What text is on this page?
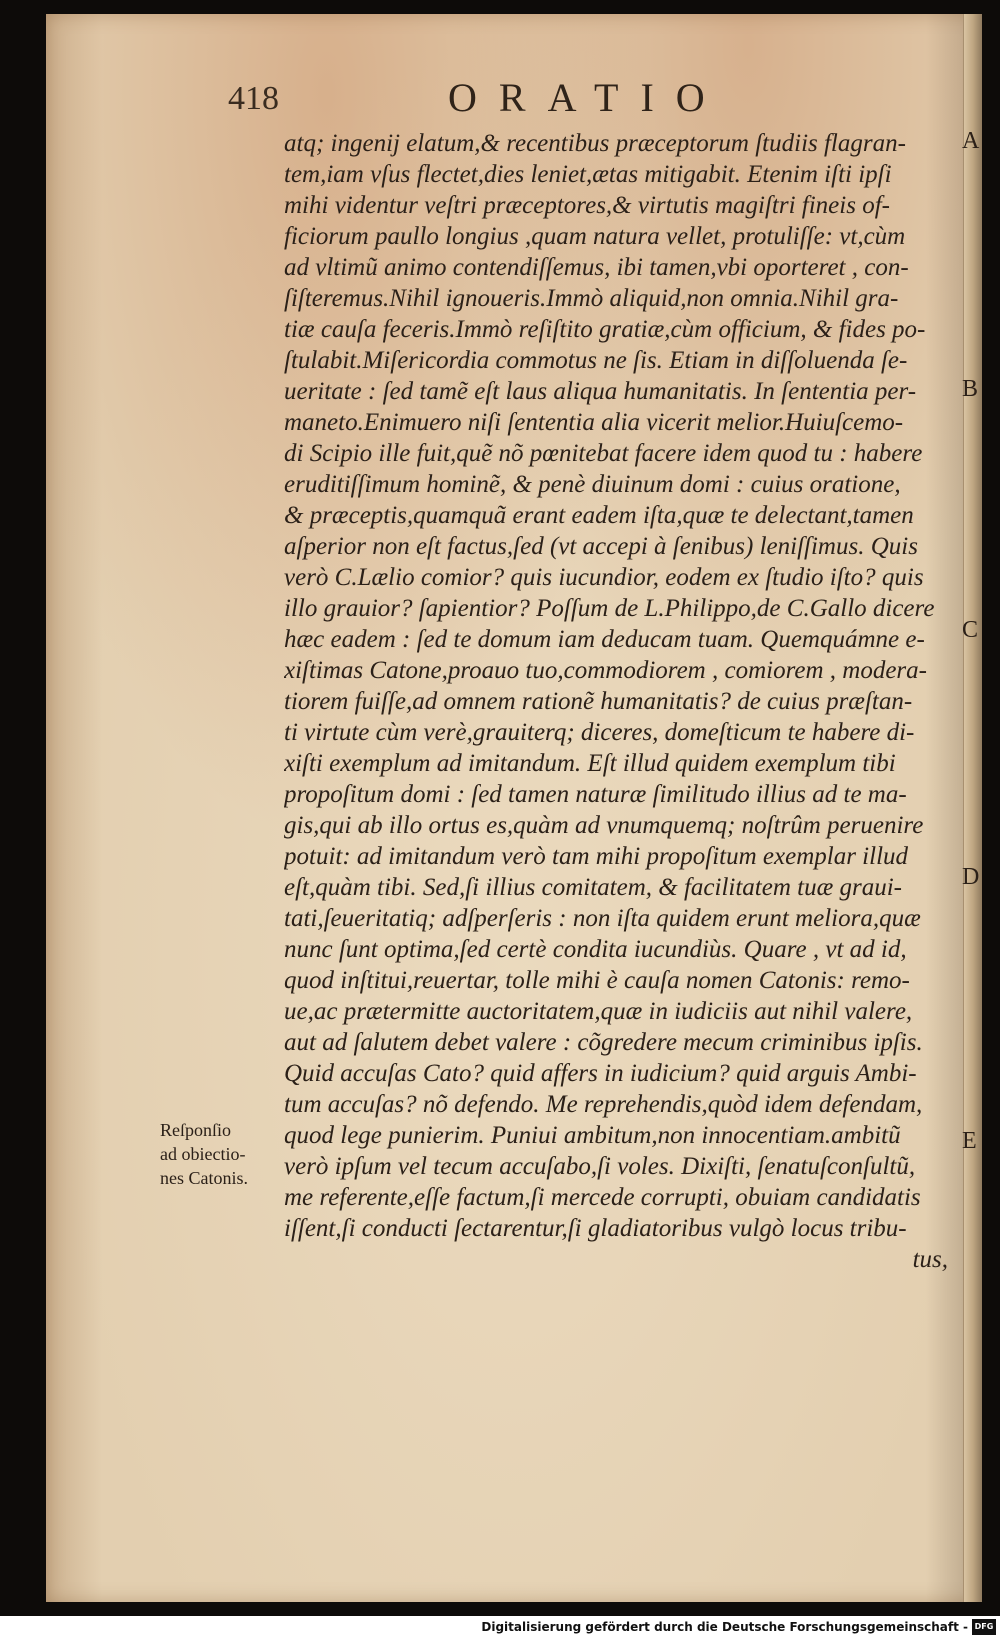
418	ORATIO
atq; ingenij elatum,& recentibus præceptorum ſtudiis flagran-
tem,iam vſus flectet,dies leniet,ætas mitigabit. Etenim iſti ipſi
mihi videntur veſtri præceptores,& virtutis magiſtri fineis of-
ficiorum paullo longius ,quam natura vellet, protuliſſe: vt,cùm
ad vltimũ animo contendiſſemus, ibi tamen,vbi oporteret , con-
ſiſteremus.Nihil ignoueris.Immò aliquid,non omnia.Nihil gra-
tiæ cauſa feceris.Immò reſiſtito gratiæ,cùm officium, & fides po-
ſtulabit.Miſericordia commotus ne ſis. Etiam in diſſoluenda ſe-
ueritate : ſed tamẽ eſt laus aliqua humanitatis. In ſententia per-
maneto.Enimuero niſi ſententia alia vicerit melior.Huiuſcemo-
di Scipio ille fuit,quẽ nõ pœnitebat facere idem quod tu : habere
eruditiſſimum hominẽ, & penè diuinum domi : cuius oratione,
& præceptis,quamquã erant eadem iſta,quæ te delectant,tamen
aſperior non eſt factus,ſed (vt accepi à ſenibus) leniſſimus. Quis
verò C.Lælio comior? quis iucundior, eodem ex ſtudio iſto? quis
illo grauior? ſapientior? Poſſum de L.Philippo,de C.Gallo dicere
hæc eadem : ſed te domum iam deducam tuam. Quemquámne e-
xiſtimas Catone,proauo tuo,commodiorem , comiorem , modera-
tiorem fuiſſe,ad omnem rationẽ humanitatis? de cuius præſtan-
ti virtute cùm verè,grauiterq; diceres, domeſticum te habere di-
xiſti exemplum ad imitandum. Eſt illud quidem exemplum tibi
propoſitum domi : ſed tamen naturæ ſimilitudo illius ad te ma-
gis,qui ab illo ortus es,quàm ad vnumquemq; noſtrûm peruenire
potuit: ad imitandum verò tam mihi propoſitum exemplar illud
eſt,quàm tibi. Sed,ſi illius comitatem, & facilitatem tuæ graui-
tati,ſeueritatiq; adſperſeris : non iſta quidem erunt meliora,quæ
nunc ſunt optima,ſed certè condita iucundiùs. Quare , vt ad id,
quod inſtitui,reuertar, tolle mihi è cauſa nomen Catonis: remo-
ue,ac prætermitte auctoritatem,quæ in iudiciis aut nihil valere,
aut ad ſalutem debet valere : cõgredere mecum criminibus ipſis.
Quid accuſas Cato? quid affers in iudicium? quid arguis Ambi-
tum accuſas? nõ defendo. Me reprehendis,quòd idem defendam,
quod lege punierim. Puniui ambitum,non innocentiam.ambitũ
verò ipſum vel tecum accuſabo,ſi voles. Dixiſti, ſenatuſconſultũ,
me referente,eſſe factum,ſi mercede corrupti, obuiam candidatis
iſſent,ſi conducti ſectarentur,ſi gladiatoribus vulgò locus tribu-
tus,
A
B
C
D
E
Reſponſio
ad obiectio-
nes Catonis.
Digitalisierung gefördert durch die Deutsche Forschungsgemeinschaft - DFG
